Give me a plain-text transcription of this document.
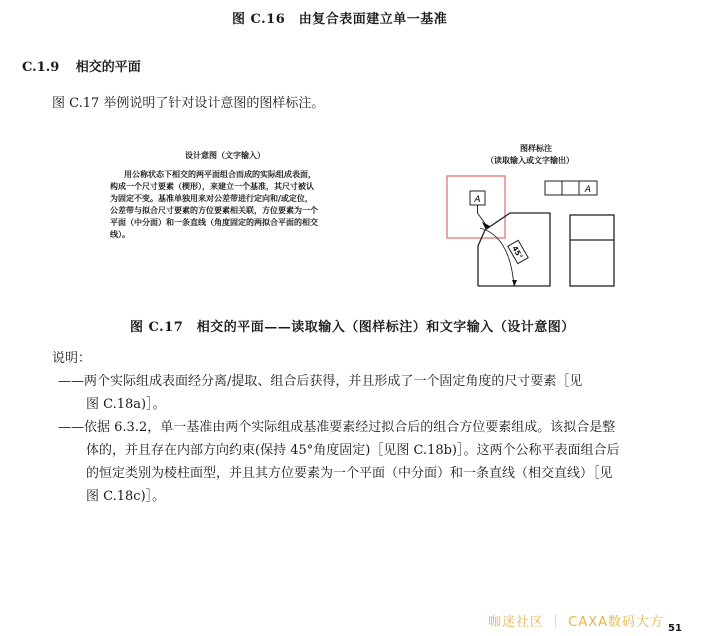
图 C.16　由复合表面建立单一基准
C.1.9 相交的平面
图 C.17 举例说明了针对设计意图的图样标注。
设计意图（文字输入）
用公称状态下相交的两平面组合而成的实际组成表面，
构成一个尺寸要素（楔形），来建立一个基准，其尺寸被认
为固定不变。基准单独用来对公差带进行定向和/或定位，
公差带与拟合尺寸要素的方位要素相关联，方位要素为一个
平面（中分面）和一条直线（角度固定的两拟合平面的相交
线）。
图样标注
（读取输入或文字输出）
A
45°
A
图 C.17　相交的平面——读取输入（图样标注）和文字输入（设计意图）
说明：
——两个实际组成表面经分离/提取、组合后获得，并且形成了一个固定角度的尺寸要素［见
图 C.18a)］。
——依据 6.3.2，单一基准由两个实际组成基准要素经过拟合后的组合方位要素组成。该拟合是整
体的，并且存在内部方向约束(保持 45°角度固定)［见图 C.18b)］。这两个公称平表面组合后
的恒定类别为棱柱面型，并且其方位要素为一个平面（中分面）和一条直线（相交直线）［见
图 C.18c)］。
咖迷社区 ｜ CAXA数码大方 51
